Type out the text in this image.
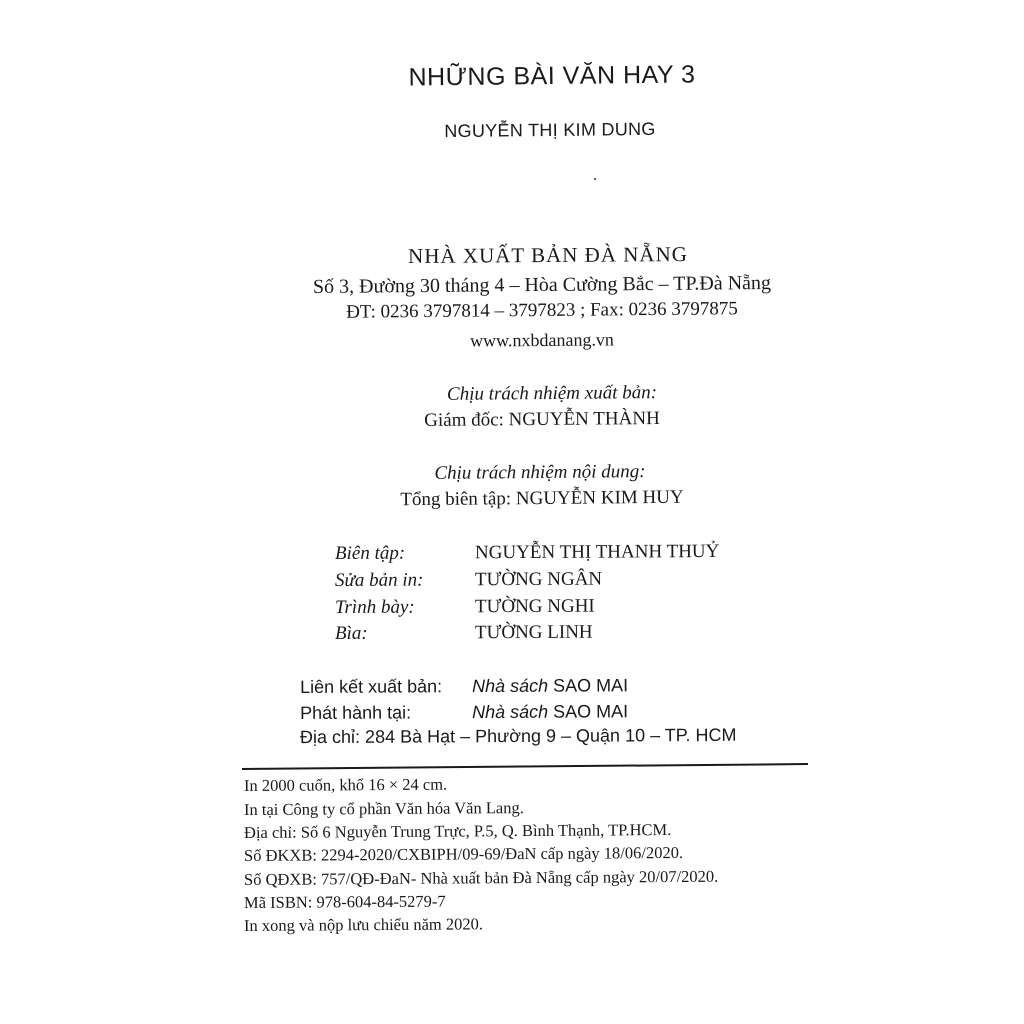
NHỮNG BÀI VĂN HAY 3
NGUYỄN THỊ KIM DUNG
NHÀ XUẤT BẢN ĐÀ NẴNG
Số 3, Đường 30 tháng 4 – Hòa Cường Bắc – TP.Đà Nẵng
ĐT: 0236 3797814 – 3797823 ; Fax: 0236 3797875
www.nxbdanang.vn
Chịu trách nhiệm xuất bản:
Giám đốc: NGUYỄN THÀNH
Chịu trách nhiệm nội dung:
Tổng biên tập: NGUYỄN KIM HUY
Biên tập:	NGUYỄN THỊ THANH THUỶ
Sửa bản in:	TƯỜNG NGÂN
Trình bày:	TƯỜNG NGHI
Bìa:	TƯỜNG LINH
Liên kết xuất bản: Nhà sách SAO MAI
Phát hành tại:	Nhà sách SAO MAI
Địa chỉ: 284 Bà Hạt – Phường 9 – Quận 10 – TP. HCM
In 2000 cuốn, khổ 16 × 24 cm.
In tại Công ty cổ phần Văn hóa Văn Lang.
Địa chỉ: Số 6 Nguyễn Trung Trực, P.5, Q. Bình Thạnh, TP.HCM.
Số ĐKXB: 2294-2020/CXBIPH/09-69/ĐaN cấp ngày 18/06/2020.
Số QĐXB: 757/QĐ-ĐaN- Nhà xuất bản Đà Nẵng cấp ngày 20/07/2020.
Mã ISBN: 978-604-84-5279-7
In xong và nộp lưu chiểu năm 2020.
